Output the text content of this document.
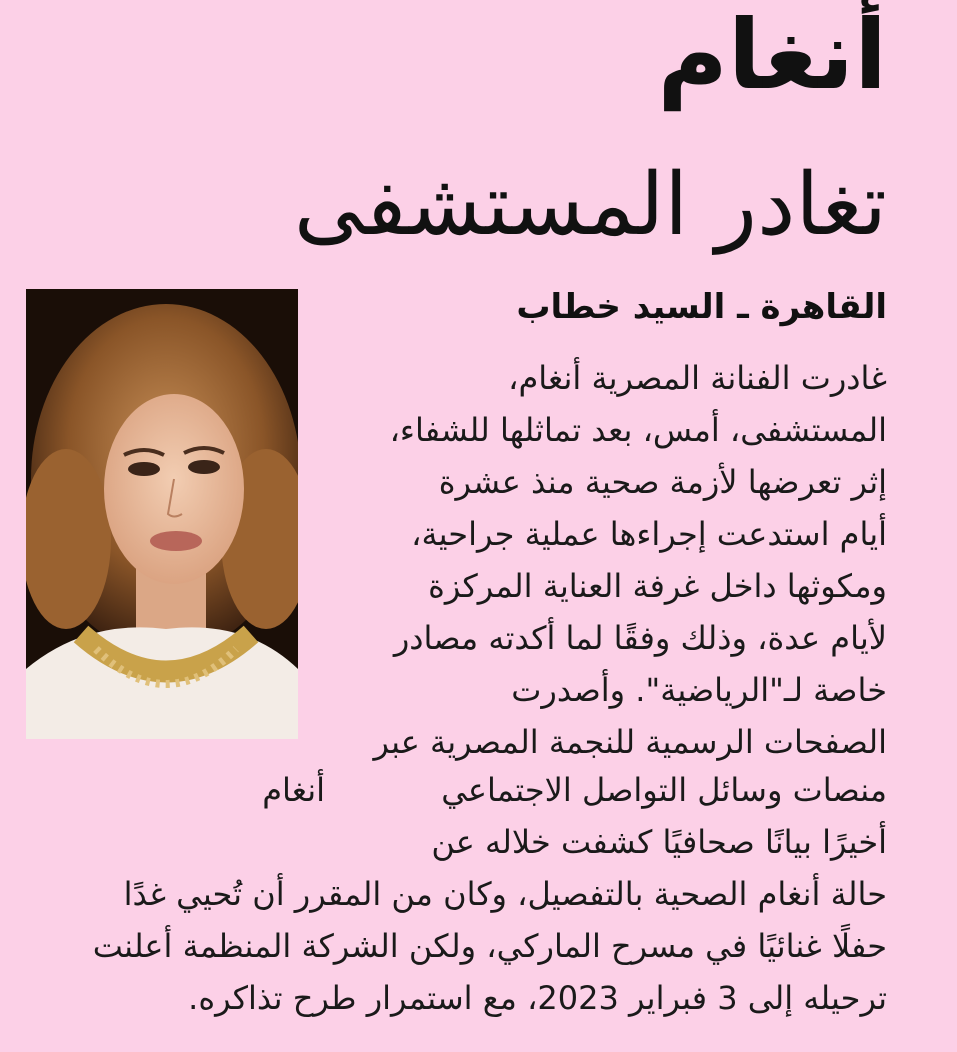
أنغام
تغادر المستشفى
القاهرة ـ السيد خطاب
أنغام
غادرت الفنانة المصرية أنغام،
المستشفى، أمس، بعد تماثلها للشفاء،
إثر تعرضها لأزمة صحية منذ عشرة
أيام استدعت إجراءها عملية جراحية،
ومكوثها داخل غرفة العناية المركزة
لأيام عدة، وذلك وفقًا لما أكدته مصادر
خاصة لـ"الرياضية". وأصدرت
الصفحات الرسمية للنجمة المصرية عبر
منصات وسائل التواصل الاجتماعي
أخيرًا بيانًا صحافيًا كشفت خلاله عن
حالة أنغام الصحية بالتفصيل، وكان من المقرر أن تُحيي غدًا
حفلًا غنائيًا في مسرح الماركي، ولكن الشركة المنظمة أعلنت
ترحيله إلى 3 فبراير 2023، مع استمرار طرح تذاكره.
